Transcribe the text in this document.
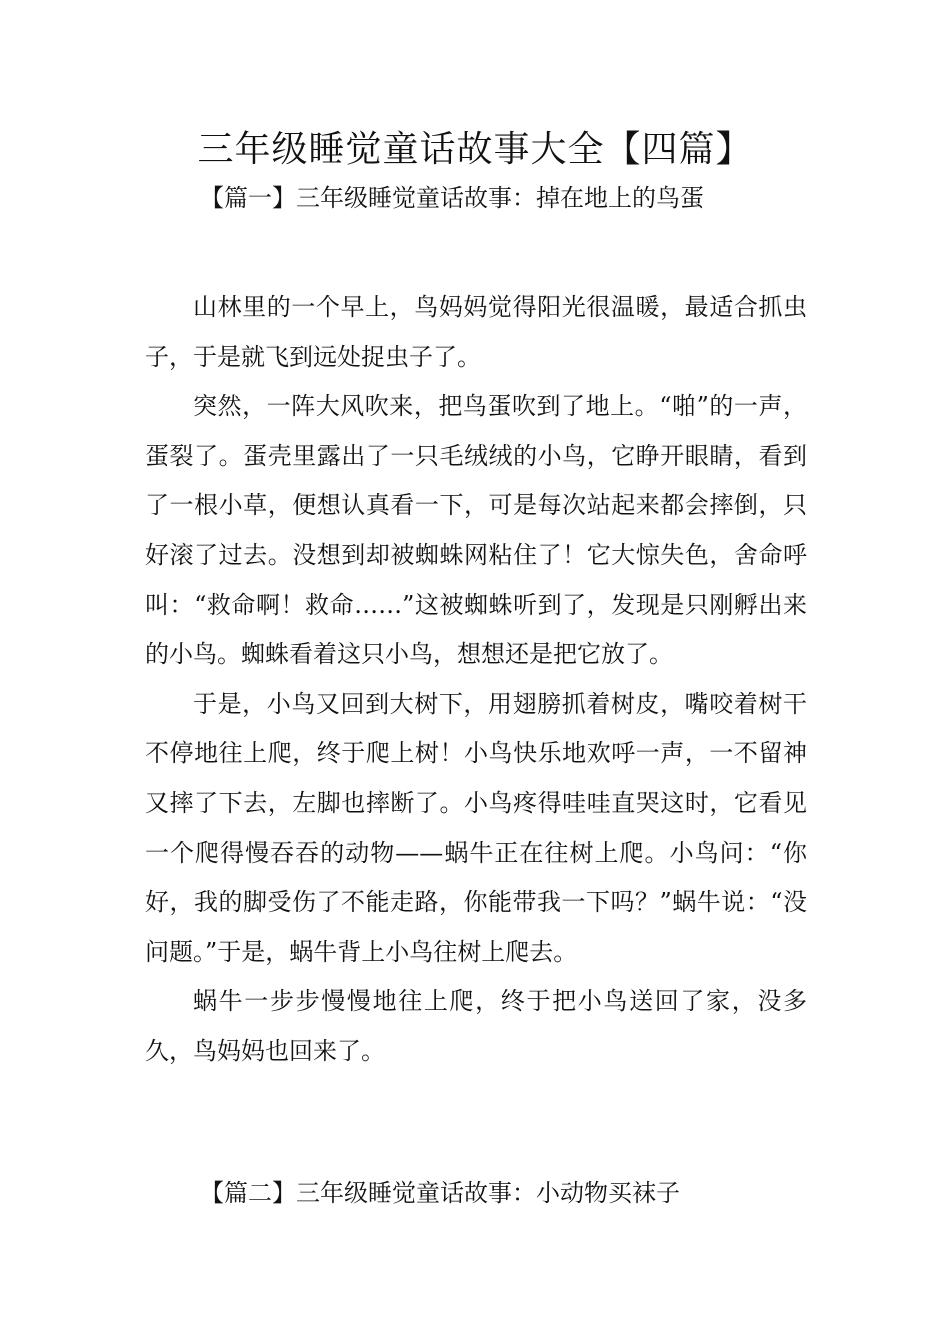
三年级睡觉童话故事大全【四篇】
【篇一】三年级睡觉童话故事：掉在地上的鸟蛋

山林里的一个早上，鸟妈妈觉得阳光很温暖，最适合抓虫子，于是就飞到远处捉虫子了。

突然，一阵大风吹来，把鸟蛋吹到了地上。“啪”的一声，蛋裂了。蛋壳里露出了一只毛绒绒的小鸟，它睁开眼睛，看到了一根小草，便想认真看一下，可是每次站起来都会摔倒，只好滚了过去。没想到却被蜘蛛网粘住了！它大惊失色，舍命呼叫：“救命啊！救命……”这被蜘蛛听到了，发现是只刚孵出来的小鸟。蜘蛛看着这只小鸟，想想还是把它放了。

于是，小鸟又回到大树下，用翅膀抓着树皮，嘴咬着树干不停地往上爬，终于爬上树！小鸟快乐地欢呼一声，一不留神又摔了下去，左脚也摔断了。小鸟疼得哇哇直哭这时，它看见一个爬得慢吞吞的动物——蜗牛正在往树上爬。小鸟问：“你好，我的脚受伤了不能走路，你能带我一下吗？”蜗牛说：“没问题。”于是，蜗牛背上小鸟往树上爬去。

蜗牛一步步慢慢地往上爬，终于把小鸟送回了家，没多久，鸟妈妈也回来了。

【篇二】三年级睡觉童话故事：小动物买袜子
